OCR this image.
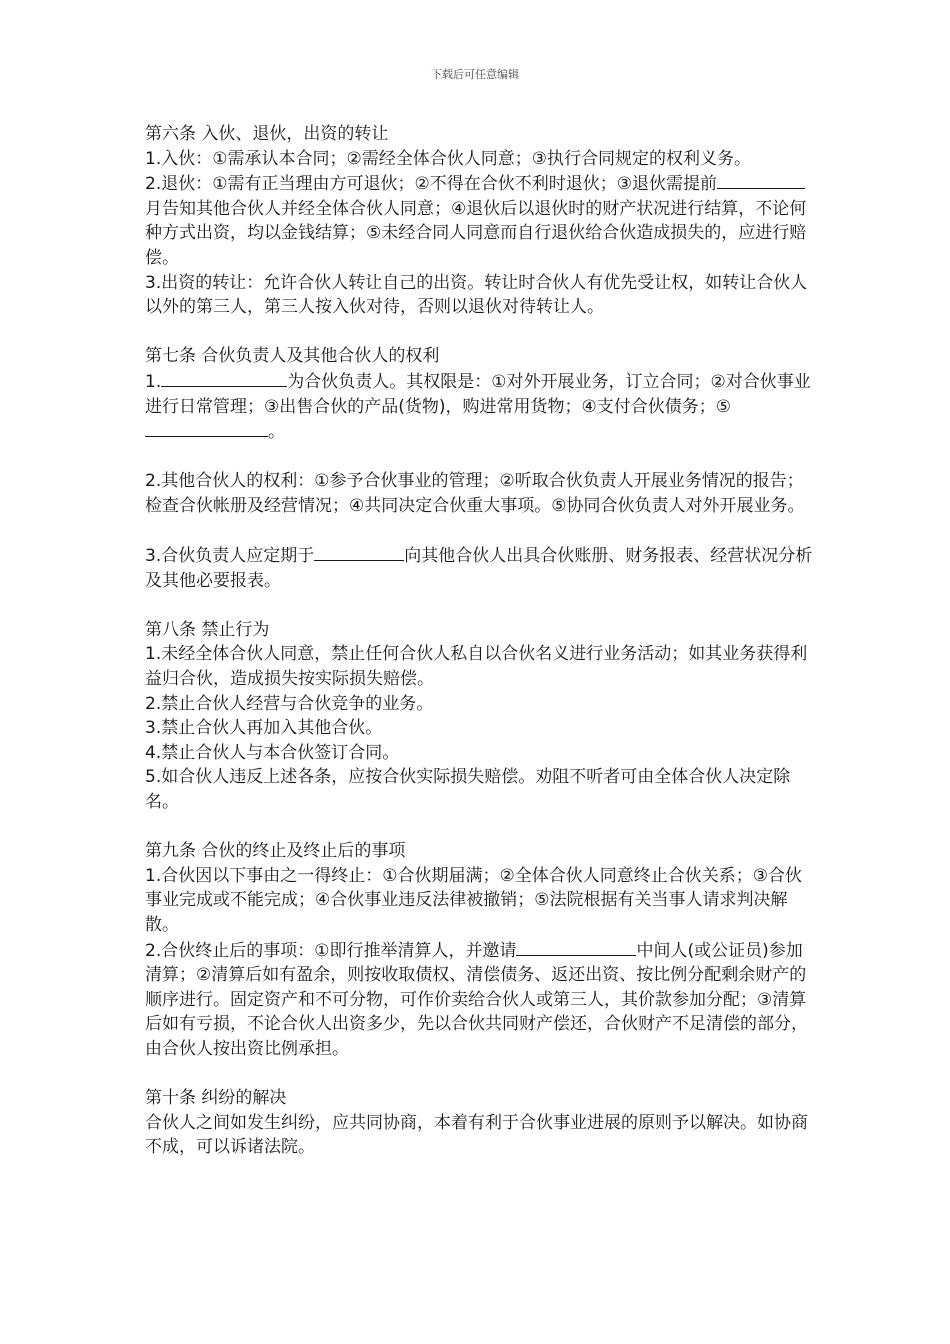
下载后可任意编辑

第六条 入伙、退伙，出资的转让

1.入伙：①需承认本合同；②需经全体合伙人同意；③执行合同规定的权利义务。

2.退伙：①需有正当理由方可退伙；②不得在合伙不利时退伙；③退伙需提前月告知其他合伙人并经全体合伙人同意；④退伙后以退伙时的财产状况进行结算，不论何种方式出资，均以金钱结算；⑤未经合同人同意而自行退伙给合伙造成损失的，应进行赔偿。

3.出资的转让：允许合伙人转让自己的出资。转让时合伙人有优先受让权，如转让合伙人以外的第三人，第三人按入伙对待，否则以退伙对待转让人。

第七条 合伙负责人及其他合伙人的权利

1.	为合伙负责人。其权限是：①对外开展业务，订立合同；②对合伙事业进行日常管理；③出售合伙的产品(货物)，购进常用货物；④支付合伙债务；⑤。

2.其他合伙人的权利：①参予合伙事业的管理；②听取合伙负责人开展业务情况的报告；检查合伙帐册及经营情况；④共同决定合伙重大事项。⑤协同合伙负责人对外开展业务。

3.合伙负责人应定期于	向其他合伙人出具合伙账册、财务报表、经营状况分析及其他必要报表。

第八条 禁止行为

1.未经全体合伙人同意，禁止任何合伙人私自以合伙名义进行业务活动；如其业务获得利益归合伙，造成损失按实际损失赔偿。

2.禁止合伙人经营与合伙竞争的业务。

3.禁止合伙人再加入其他合伙。

4.禁止合伙人与本合伙签订合同。

5.如合伙人违反上述各条，应按合伙实际损失赔偿。劝阻不听者可由全体合伙人决定除名。

第九条 合伙的终止及终止后的事项

1.合伙因以下事由之一得终止：①合伙期届满；②全体合伙人同意终止合伙关系；③合伙事业完成或不能完成；④合伙事业违反法律被撤销；⑤法院根据有关当事人请求判决解散。

2.合伙终止后的事项：①即行推举清算人，并邀请	中间人(或公证员)参加清算；②清算后如有盈余，则按收取债权、清偿债务、返还出资、按比例分配剩余财产的顺序进行。固定资产和不可分物，可作价卖给合伙人或第三人，其价款参加分配；③清算后如有亏损，不论合伙人出资多少，先以合伙共同财产偿还，合伙财产不足清偿的部分，由合伙人按出资比例承担。

第十条 纠纷的解决

合伙人之间如发生纠纷，应共同协商，本着有利于合伙事业进展的原则予以解决。如协商不成，可以诉诸法院。
